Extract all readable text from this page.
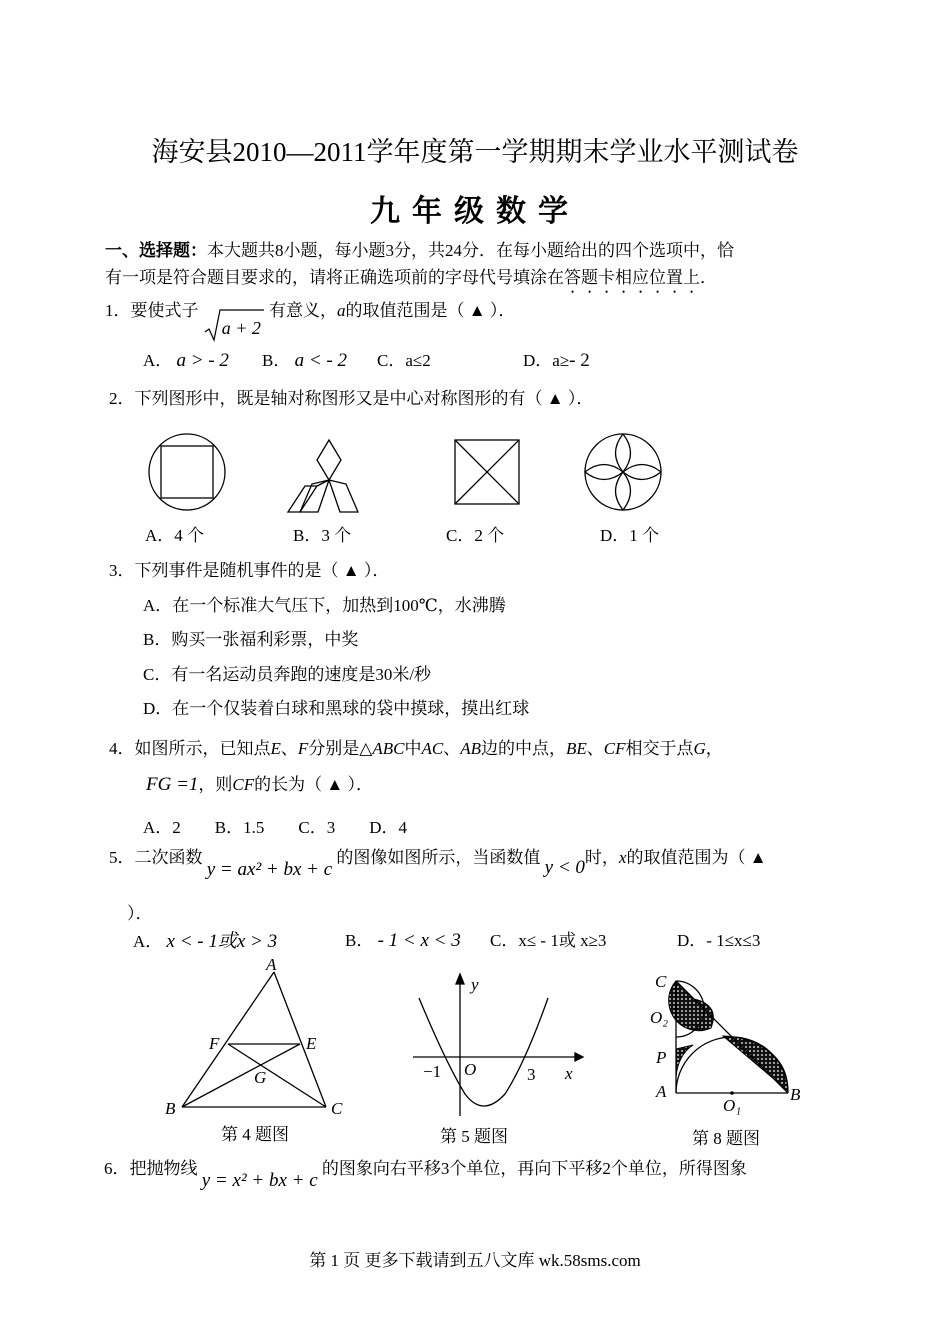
海安县2010—2011学年度第一学期期末学业水平测试卷
九年级数学
一、选择题：本大题共8小题，每小题3分，共24分．在每小题给出的四个选项中，恰
有一项是符合题目要求的，请将正确选项前的字母代号填涂在答题卡相应位置上．
1．要使式子
a + 2
有意义，a的取值范围是（ ▲ ）．
A． a > - 2 B． a < - 2 C．a≤2	D．a≥- 2
2．下列图形中，既是轴对称图形又是中心对称图形的有（ ▲ ）．
A．4 个	B．3 个	C．2 个	D．1 个
3．下列事件是随机事件的是（ ▲ ）．
A．在一个标准大气压下，加热到100℃，水沸腾
B．购买一张福利彩票，中奖
C．有一名运动员奔跑的速度是30米/秒
D．在一个仅装着白球和黑球的袋中摸球，摸出红球
4．如图所示，已知点E、F分别是△ABC中AC、AB边的中点，BE、CF相交于点G，
FG =1，则CF的长为（ ▲ ）．
A．2　　B．1.5　　C．3　　D．4
5．二次函数 y = ax² + bx + c 的图像如图所示，当函数值 y < 0时，x的取值范围为（ ▲
）．
A． x < - 1或x > 3	B． - 1 < x < 3 C．x≤ - 1或 x≥3	D．- 1≤x≤3
A
B	C
E
F
G
第 4 题图
y
x
O
−1	3
第 5 题图
C
O₂
P
A
O₁
B
第 8 题图
6．把抛物线 y = x² + bx + c 的图象向右平移3个单位，再向下平移2个单位，所得图象
第 1 页 更多下载请到五八文库 wk.58sms.com
